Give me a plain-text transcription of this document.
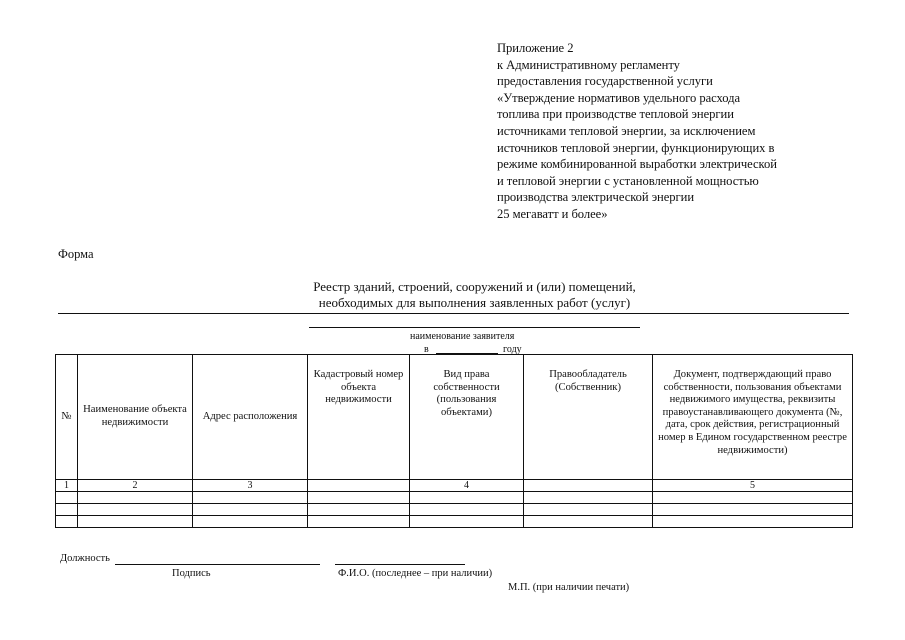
Приложение 2
к Административному регламенту
предоставления государственной услуги
«Утверждение нормативов удельного расхода
топлива при производстве тепловой энергии
источниками тепловой энергии, за исключением
источников тепловой энергии, функционирующих в
режиме комбинированной выработки электрической
и тепловой энергии с установленной мощностью
производства электрической энергии
25 мегаватт и более»
Форма
Реестр зданий, строений, сооружений и (или) помещений,
необходимых для выполнения заявленных работ (услуг)
наименование заявителя
в	году
№	Наименование объекта недвижимости	Адрес расположения	Кадастровый номер объекта недвижимости	Вид права собственности (пользования объектами)	Правообладатель (Собственник)	Документ, подтверждающий право собственности, пользования объектами недвижимого имущества, реквизиты правоустанавливающего документа (№, дата, срок действия, регистрационный номер в Едином государственном реестре недвижимости)
1	2	3		4		5

Должность
Подпись	Ф.И.О. (последнее – при наличии)
М.П. (при наличии печати)
